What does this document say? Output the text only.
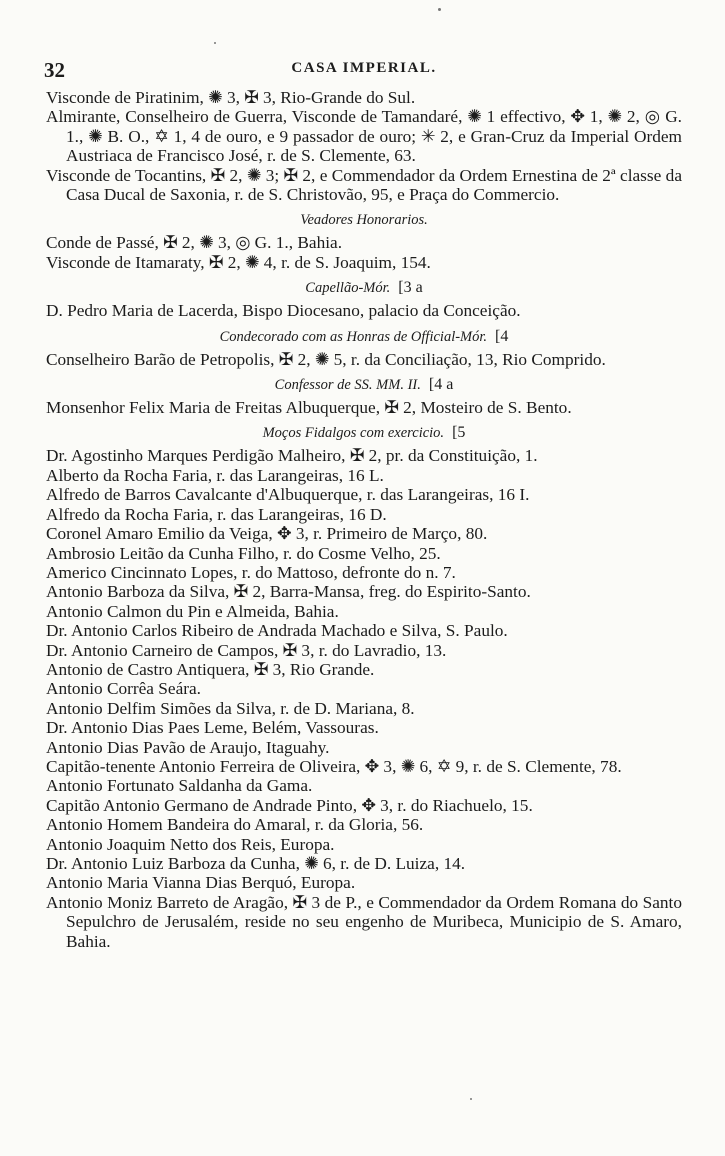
32	CASA IMPERIAL.

Visconde de Piratinim, ✺ 3, ✠ 3, Rio-Grande do Sul.

Almirante, Conselheiro de Guerra, Visconde de Tamandaré, ✺ 1 effectivo, ✥ 1, ✺ 2, ◎ G. 1., ✺ B. O., ✡ 1, 4 de ouro, e 9 passador de ouro; ✳ 2, e Gran-Cruz da Imperial Ordem Austriaca de Francisco José, r. de S. Clemente, 63.

Visconde de Tocantins, ✠ 2, ✺ 3; ✠ 2, e Commendador da Ordem Ernestina de 2ª classe da Casa Ducal de Saxonia, r. de S. Christovão, 95, e Praça do Commercio.

Veadores Honorarios.

Conde de Passé, ✠ 2, ✺ 3, ◎ G. 1., Bahia.

Visconde de Itamaraty, ✠ 2, ✺ 4, r. de S. Joaquim, 154.

Capellão-Mór. [3 a

D. Pedro Maria de Lacerda, Bispo Diocesano, palacio da Conceição.

Condecorado com as Honras de Official-Mór. [4

Conselheiro Barão de Petropolis, ✠ 2, ✺ 5, r. da Conciliação, 13, Rio Comprido.

Confessor de SS. MM. II. [4 a

Monsenhor Felix Maria de Freitas Albuquerque, ✠ 2, Mosteiro de S. Bento.

Moços Fidalgos com exercicio. [5

Dr. Agostinho Marques Perdigão Malheiro, ✠ 2, pr. da Constituição, 1.

Alberto da Rocha Faria, r. das Larangeiras, 16 L.

Alfredo de Barros Cavalcante d'Albuquerque, r. das Larangeiras, 16 I.

Alfredo da Rocha Faria, r. das Larangeiras, 16 D.

Coronel Amaro Emilio da Veiga, ✥ 3, r. Primeiro de Março, 80.

Ambrosio Leitão da Cunha Filho, r. do Cosme Velho, 25.

Americo Cincinnato Lopes, r. do Mattoso, defronte do n. 7.

Antonio Barboza da Silva, ✠ 2, Barra-Mansa, freg. do Espirito-Santo.

Antonio Calmon du Pin e Almeida, Bahia.

Dr. Antonio Carlos Ribeiro de Andrada Machado e Silva, S. Paulo.

Dr. Antonio Carneiro de Campos, ✠ 3, r. do Lavradio, 13.

Antonio de Castro Antiquera, ✠ 3, Rio Grande.

Antonio Corrêa Seára.

Antonio Delfim Simões da Silva, r. de D. Mariana, 8.

Dr. Antonio Dias Paes Leme, Belém, Vassouras.

Antonio Dias Pavão de Araujo, Itaguahy.

Capitão-tenente Antonio Ferreira de Oliveira, ✥ 3, ✺ 6, ✡ 9, r. de S. Clemente, 78.

Antonio Fortunato Saldanha da Gama.

Capitão Antonio Germano de Andrade Pinto, ✥ 3, r. do Riachuelo, 15.

Antonio Homem Bandeira do Amaral, r. da Gloria, 56.

Antonio Joaquim Netto dos Reis, Europa.

Dr. Antonio Luiz Barboza da Cunha, ✺ 6, r. de D. Luiza, 14.

Antonio Maria Vianna Dias Berquó, Europa.

Antonio Moniz Barreto de Aragão, ✠ 3 de P., e Commendador da Ordem Romana do Santo Sepulchro de Jerusalém, reside no seu engenho de Muribeca, Municipio de S. Amaro, Bahia.
